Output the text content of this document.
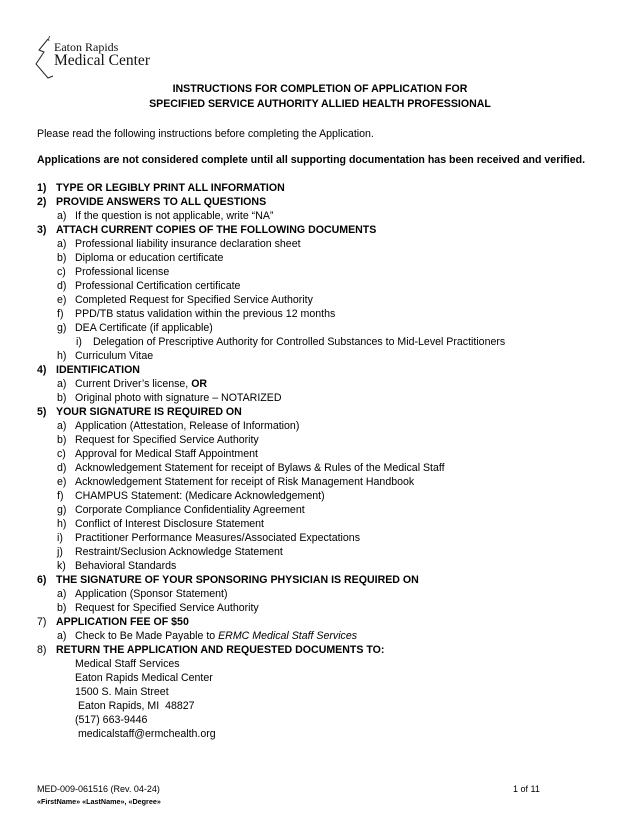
Eaton Rapids
Medical Center
INSTRUCTIONS FOR COMPLETION OF APPLICATION FOR
SPECIFIED SERVICE AUTHORITY ALLIED HEALTH PROFESSIONAL
Please read the following instructions before completing the Application.
Applications are not considered complete until all supporting documentation has been received and verified.
1) TYPE OR LEGIBLY PRINT ALL INFORMATION
2) PROVIDE ANSWERS TO ALL QUESTIONS
a) If the question is not applicable, write “NA”
3) ATTACH CURRENT COPIES OF THE FOLLOWING DOCUMENTS
a) Professional liability insurance declaration sheet
b) Diploma or education certificate
c) Professional license
d) Professional Certification certificate
e) Completed Request for Specified Service Authority
f) PPD/TB status validation within the previous 12 months
g) DEA Certificate (if applicable)
i) Delegation of Prescriptive Authority for Controlled Substances to Mid-Level Practitioners
h) Curriculum Vitae
4) IDENTIFICATION
a) Current Driver’s license, OR
b) Original photo with signature – NOTARIZED
5) YOUR SIGNATURE IS REQUIRED ON
a) Application (Attestation, Release of Information)
b) Request for Specified Service Authority
c) Approval for Medical Staff Appointment
d) Acknowledgement Statement for receipt of Bylaws & Rules of the Medical Staff
e) Acknowledgement Statement for receipt of Risk Management Handbook
f) CHAMPUS Statement: (Medicare Acknowledgement)
g) Corporate Compliance Confidentiality Agreement
h) Conflict of Interest Disclosure Statement
i) Practitioner Performance Measures/Associated Expectations
j) Restraint/Seclusion Acknowledge Statement
k) Behavioral Standards
6) THE SIGNATURE OF YOUR SPONSORING PHYSICIAN IS REQUIRED ON
a) Application (Sponsor Statement)
b) Request for Specified Service Authority
7) APPLICATION FEE OF $50
a) Check to Be Made Payable to ERMC Medical Staff Services
8) RETURN THE APPLICATION AND REQUESTED DOCUMENTS TO:
Medical Staff Services
Eaton Rapids Medical Center
1500 S. Main Street
Eaton Rapids, MI  48827
(517) 663-9446
medicalstaff@ermchealth.org
MED-009-061516 (Rev. 04-24)	1 of 11
«FirstName» «LastName», «Degree»
